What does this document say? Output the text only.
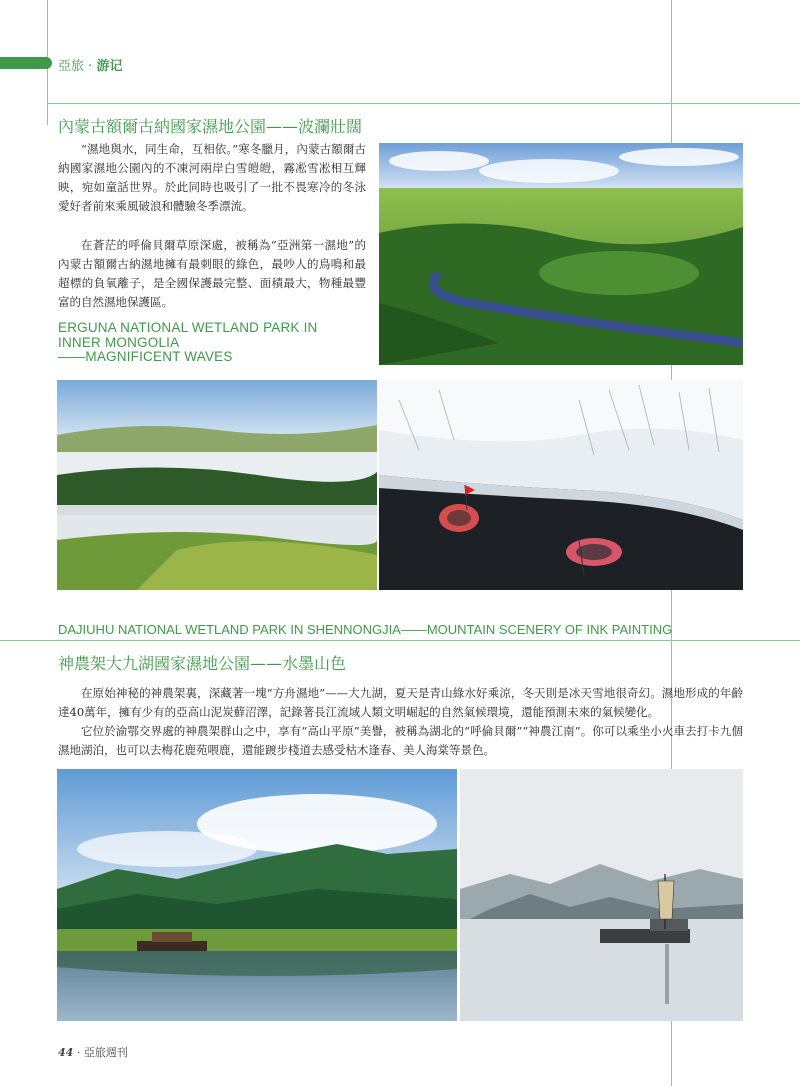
亞旅 · 游记
內蒙古額爾古納國家濕地公園——波瀾壯闊

“濕地與水，同生命，互相依。”寒冬臘月，內蒙古額爾古納國家濕地公園內的不凍河兩岸白雪皚皚，霧凇雪凇相互輝映，宛如童話世界。於此同時也吸引了一批不畏寒冷的冬泳愛好者前來乘風破浪和體驗冬季漂流。

在蒼茫的呼倫貝爾草原深處，被稱為“亞洲第一濕地”的內蒙古額爾古納濕地擁有最刺眼的綠色，最吵人的鳥鳴和最超標的負氧離子，是全國保護最完整、面積最大，物種最豐富的自然濕地保護區。

ERGUNA NATIONAL WETLAND PARK IN
INNER MONGOLIA
——MAGNIFICENT WAVES
DAJIUHU NATIONAL WETLAND PARK IN SHENNONGJIA——MOUNTAIN SCENERY OF INK PAINTING
神農架大九湖國家濕地公園——水墨山色

在原始神秘的神農架裏，深藏著一塊“方舟濕地”——大九湖，夏天是青山綠水好乘涼，冬天則是冰天雪地很奇幻。濕地形成的年齡達40萬年，擁有少有的亞高山泥炭蘚沼澤，記錄著長江流域人類文明崛起的自然氣候環境，還能預測未來的氣候變化。

它位於渝鄂交界處的神農架群山之中，享有“高山平原”美譽，被稱為湖北的“呼倫貝爾”“神農江南”。你可以乘坐小火車去打卡九個濕地湖泊，也可以去梅花鹿苑喂鹿，還能踱步棧道去感受枯木逢春、美人海棠等景色。

44 · 亞旅週刊
